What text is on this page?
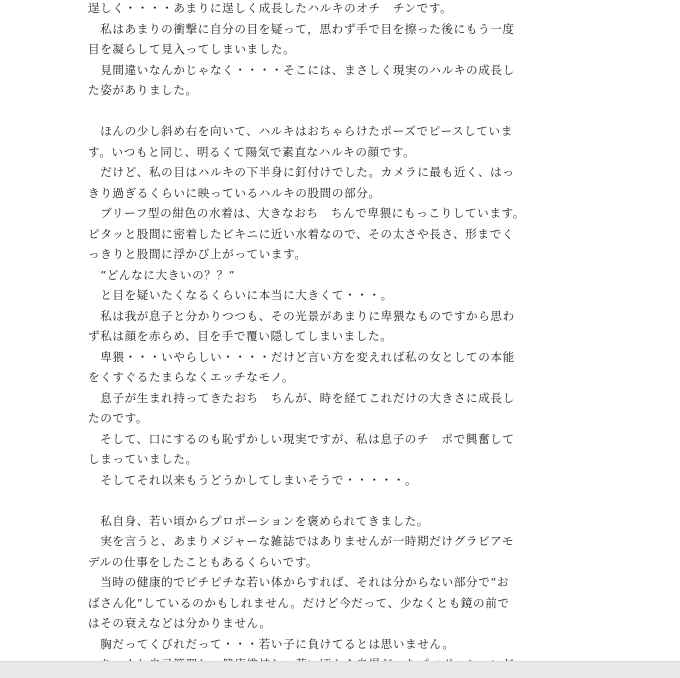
逞しく・・・・あまりに逞しく成長したハルキのオチ　チンです。
　私はあまりの衝撃に自分の目を疑って，思わず手で目を擦った後にもう一度
目を凝らして見入ってしまいました。
　見間違いなんかじゃなく・・・・そこには、まさしく現実のハルキの成長し
た姿がありました。
　ほんの少し斜め右を向いて、ハルキはおちゃらけたポーズでピースしていま
す。いつもと同じ、明るくて陽気で素直なハルキの顔です。
　だけど、私の目はハルキの下半身に釘付けでした。カメラに最も近く、はっ
きり過ぎるくらいに映っているハルキの股間の部分。
　ブリーフ型の紺色の水着は、大きなおち　ちんで卑猥にもっこりしています。
ピタッと股間に密着したビキニに近い水着なので、その太さや長さ、形までく
っきりと股間に浮かび上がっています。
　“どんなに大きいの？？”
　と目を疑いたくなるくらいに本当に大きくて・・・。
　私は我が息子と分かりつつも、その光景があまりに卑猥なものですから思わ
ず私は顔を赤らめ、目を手で覆い隠してしまいました。
　卑猥・・・いやらしい・・・・だけど言い方を変えれば私の女としての本能
をくすぐるたまらなくエッチなモノ。
　息子が生まれ持ってきたおち　ちんが、時を経てこれだけの大きさに成長し
たのです。
　そして、口にするのも恥ずかしい現実ですが、私は息子のチ　ポで興奮して
しまっていました。
　そしてそれ以来もうどうかしてしまいそうで・・・・・。
　私自身、若い頃からプロポーションを褒められてきました。
　実を言うと、あまりメジャーな雑誌ではありませんが一時期だけグラビアモ
デルの仕事をしたこともあるくらいです。
　当時の健康的でピチピチな若い体からすれば、それは分からない部分で“お
ばさん化”しているのかもしれません。だけど今だって、少なくとも鏡の前で
はその衰えなどは分かりません。
　胸だってくびれだって・・・若い子に負けてるとは思いません。
